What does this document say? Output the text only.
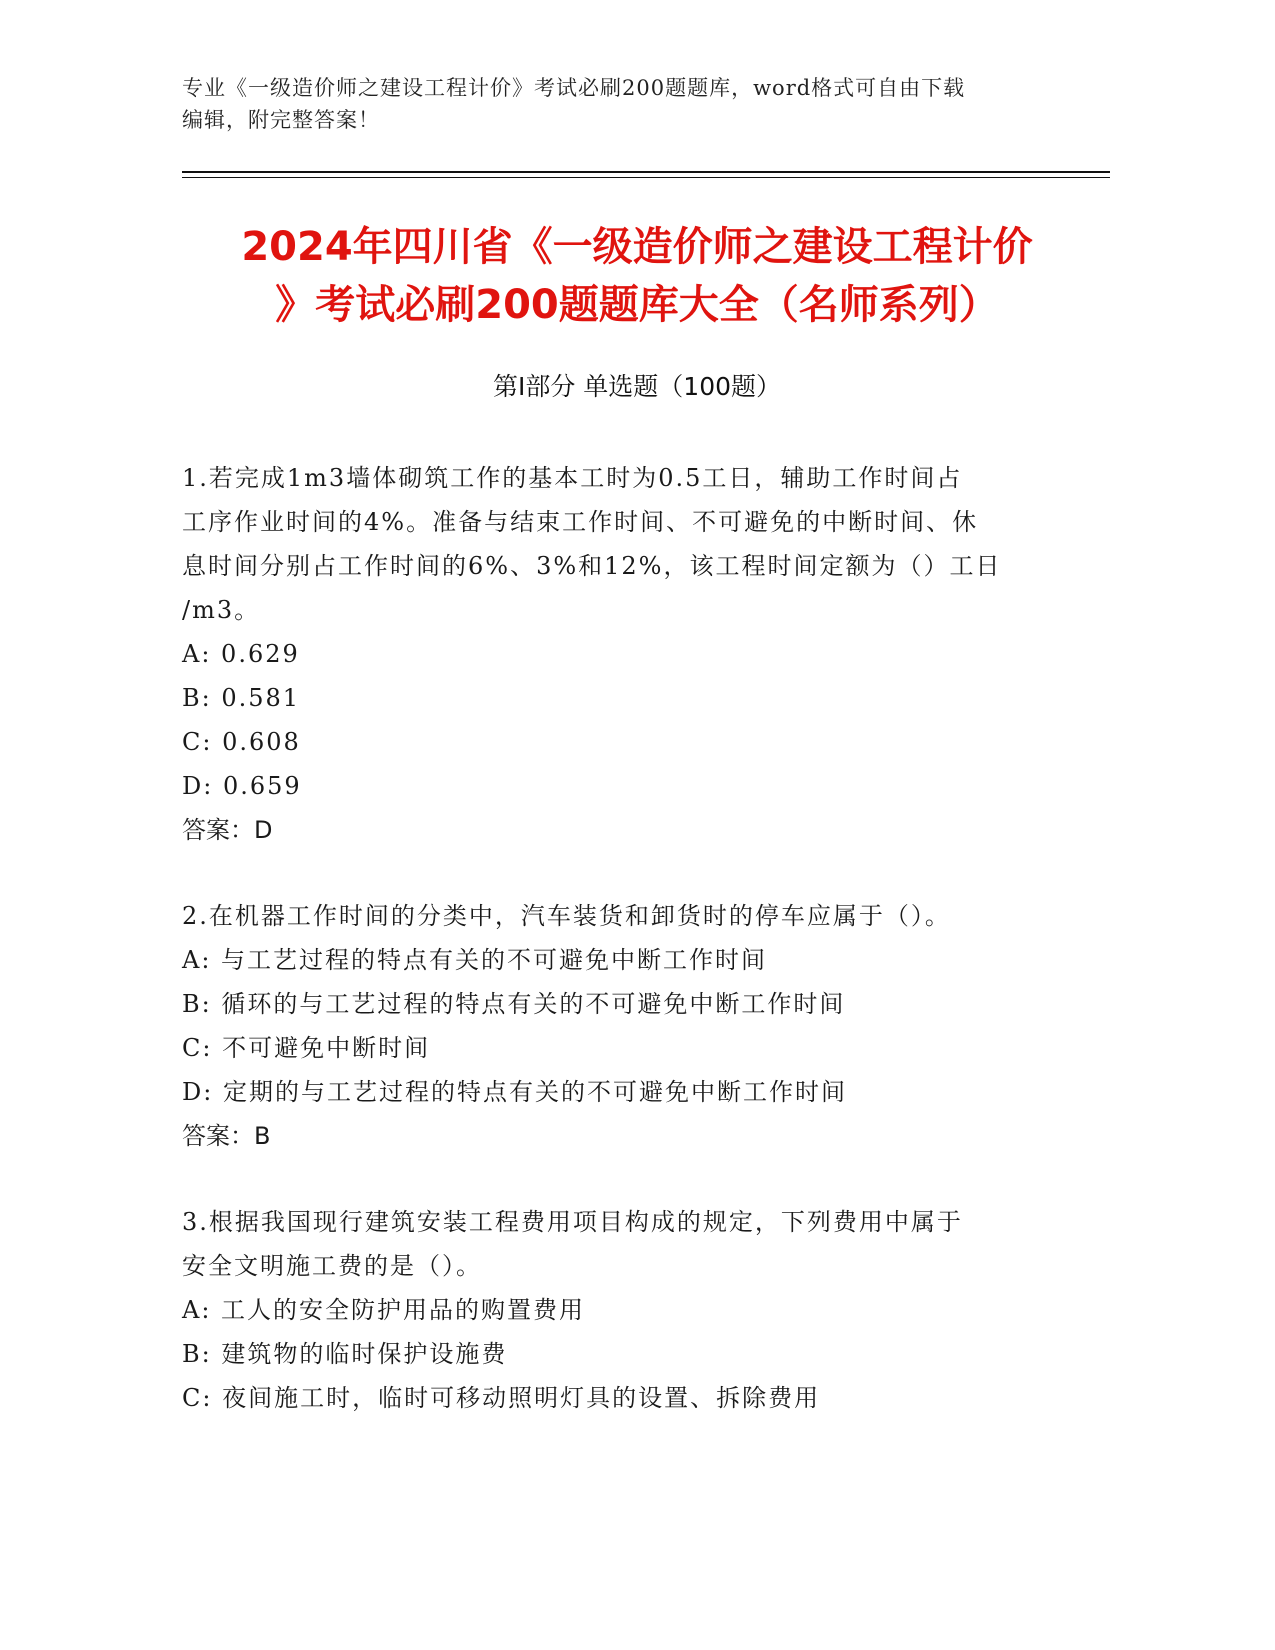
专业《一级造价师之建设工程计价》考试必刷200题题库，word格式可自由下载
编辑，附完整答案！
2024年四川省《一级造价师之建设工程计价
》考试必刷200题题库大全（名师系列）
第Ⅰ部分 单选题（100题）
1.若完成1m3墙体砌筑工作的基本工时为0.5工日，辅助工作时间占
工序作业时间的4%。准备与结束工作时间、不可避免的中断时间、休
息时间分别占工作时间的6%、3%和12%，该工程时间定额为（）工日
/m3。
A: 0.629
B: 0.581
C: 0.608
D: 0.659
答案：D
2.在机器工作时间的分类中，汽车装货和卸货时的停车应属于（）。
A: 与工艺过程的特点有关的不可避免中断工作时间
B: 循环的与工艺过程的特点有关的不可避免中断工作时间
C: 不可避免中断时间
D: 定期的与工艺过程的特点有关的不可避免中断工作时间
答案：B
3.根据我国现行建筑安装工程费用项目构成的规定，下列费用中属于
安全文明施工费的是（）。
A: 工人的安全防护用品的购置费用
B: 建筑物的临时保护设施费
C: 夜间施工时，临时可移动照明灯具的设置、拆除费用
